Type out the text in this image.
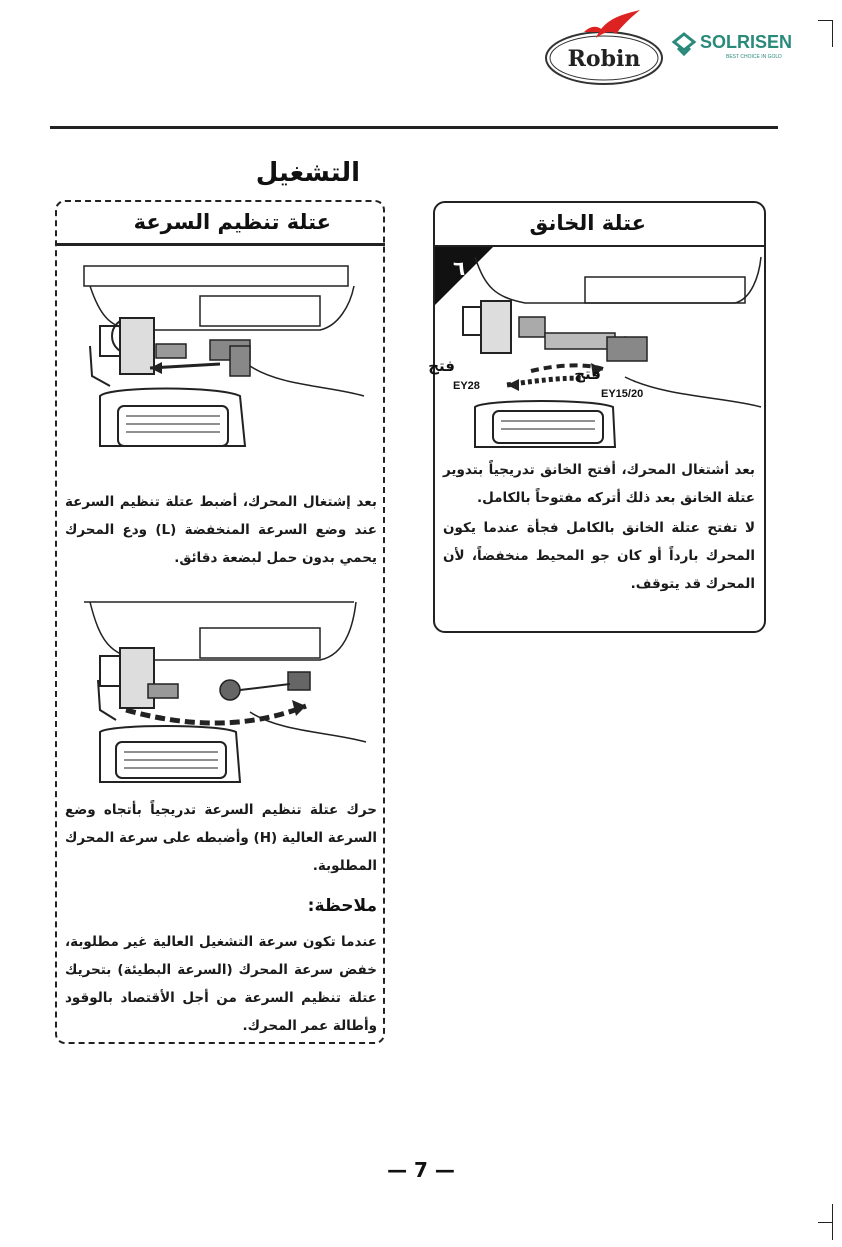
Robin
SOLRISEN
BEST CHOICE IN GOLD
التشغيل
عتلة تنظيم السرعة
بعد إشتغال المحرك، أضبط عتلة تنظيم السرعة عند وضع السرعة المنخفضة (L) ودع المحرك يحمي بدون حمل لبضعة دقائق.
حرك عتلة تنظيم السرعة تدريجياً بأتجاه وضع السرعة العالية (H) وأضبطه على سرعة المحرك المطلوبة.
ملاحظة:
عندما تكون سرعة التشغيل العالية غير مطلوبة، خفض سرعة المحرك (السرعة البطيئة) بتحريك عتلة تنظيم السرعة من أجل الأقتصاد بالوقود وأطالة عمر المحرك.
عتلة الخانق
٦
فتح
EY28
فتح
EY15/20
بعد أشتغال المحرك، أفتح الخانق تدريجياً بتدوير عتلة الخانق بعد ذلك أتركه مفتوحاً بالكامل.
لا تفتح عتلة الخانق بالكامل فجأة عندما يكون المحرك بارداً أو كان جو المحيط منخفضاً، لأن المحرك قد يتوقف.
— 7 —
